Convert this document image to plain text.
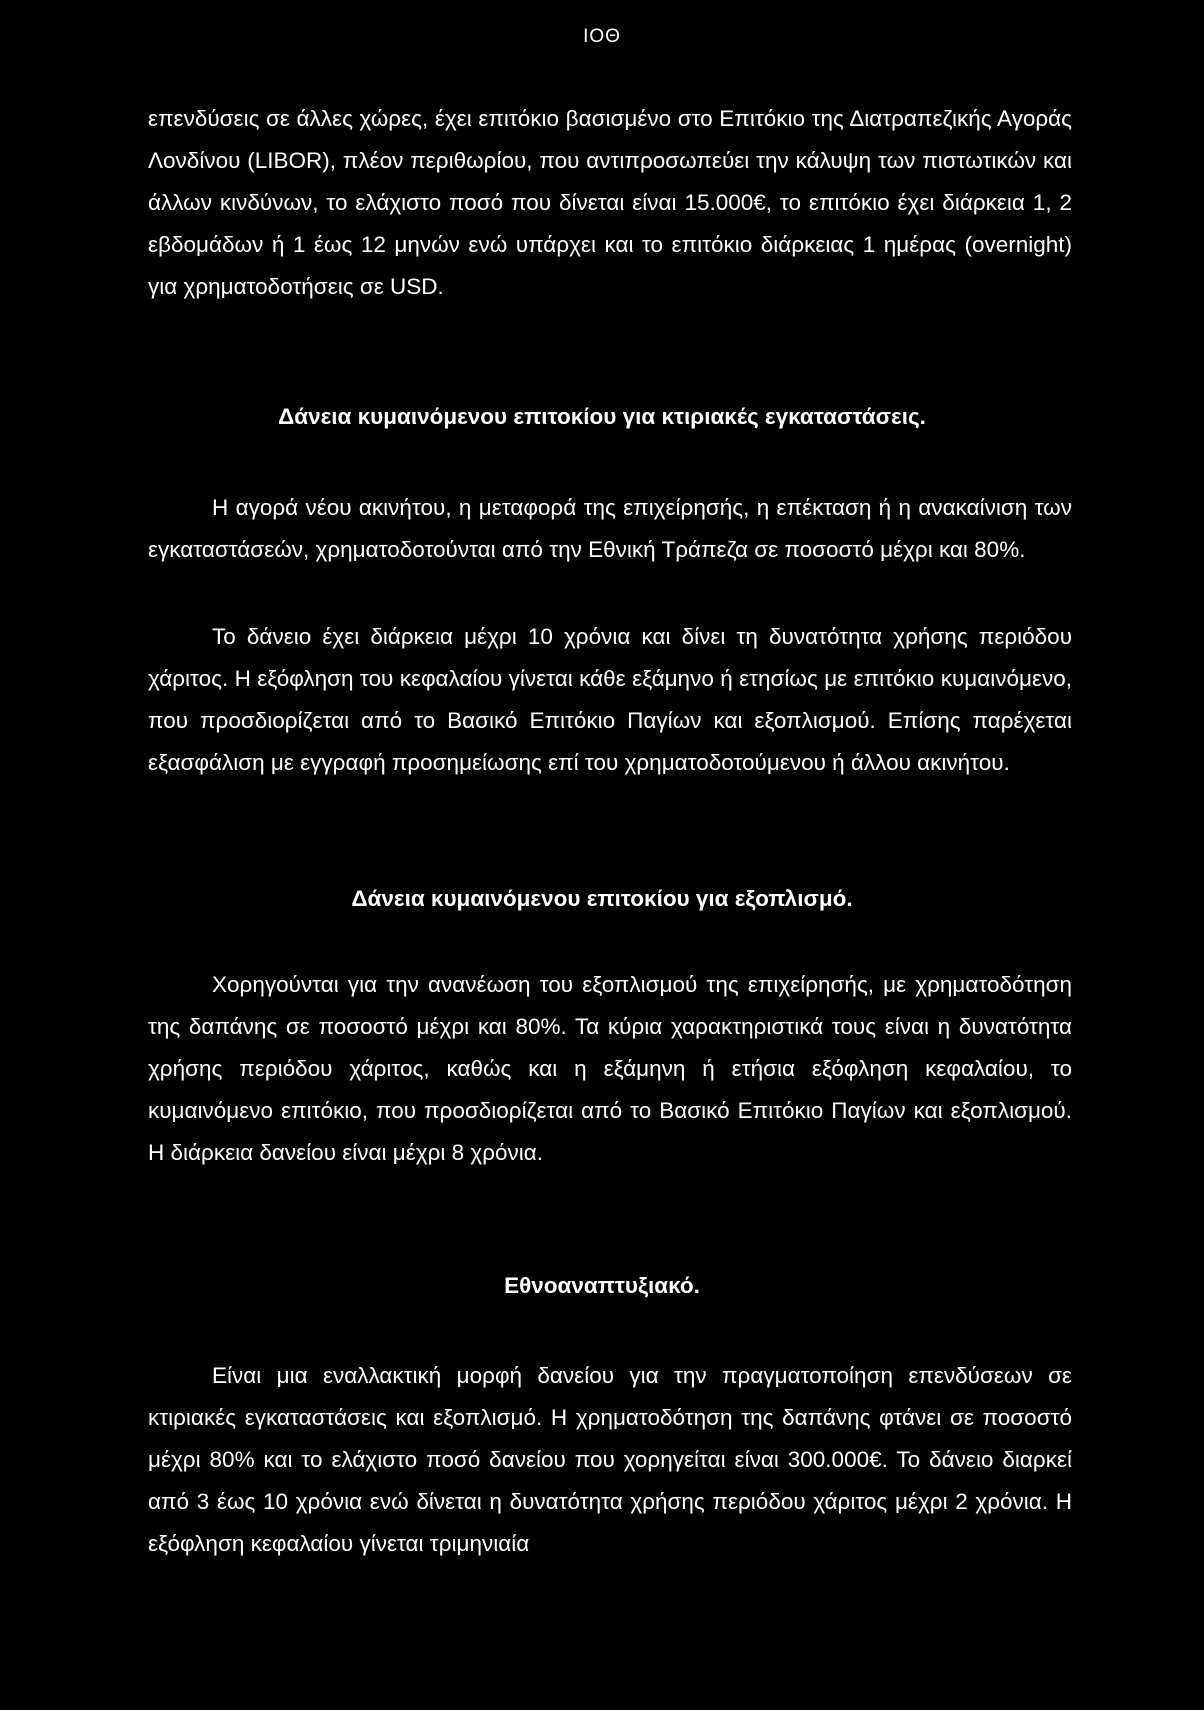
ΙΟΘ
επενδύσεις σε άλλες χώρες, έχει επιτόκιο βασισμένο στο Επιτόκιο της Διατραπεζικής Αγοράς Λονδίνου (LIBOR), πλέον περιθωρίου, που αντιπροσωπεύει την κάλυψη των πιστωτικών και άλλων κινδύνων, το ελάχιστο ποσό που δίνεται είναι 15.000€, το επιτόκιο έχει διάρκεια 1, 2 εβδομάδων ή 1 έως 12 μηνών ενώ υπάρχει και το επιτόκιο διάρκειας 1 ημέρας (overnight) για χρηματοδοτήσεις σε USD.
Δάνεια κυμαινόμενου επιτοκίου για κτιριακές εγκαταστάσεις.
Η αγορά νέου ακινήτου, η μεταφορά της επιχείρησής, η επέκταση ή η ανακαίνιση των εγκαταστάσεών, χρηματοδοτούνται από την Εθνική Τράπεζα σε ποσοστό μέχρι και 80%.
Το δάνειο έχει διάρκεια μέχρι 10 χρόνια και δίνει τη δυνατότητα χρήσης περιόδου χάριτος. Η εξόφληση του κεφαλαίου γίνεται κάθε εξάμηνο ή ετησίως με επιτόκιο κυμαινόμενο, που προσδιορίζεται από το Βασικό Επιτόκιο Παγίων και εξοπλισμού. Επίσης παρέχεται εξασφάλιση με εγγραφή προσημείωσης επί του χρηματοδοτούμενου ή άλλου ακινήτου.
Δάνεια κυμαινόμενου επιτοκίου για εξοπλισμό.
Χορηγούνται για την ανανέωση του εξοπλισμού της επιχείρησής, με χρηματοδότηση της δαπάνης σε ποσοστό μέχρι και 80%. Τα κύρια χαρακτηριστικά τους είναι η δυνατότητα χρήσης περιόδου χάριτος, καθώς και η εξάμηνη ή ετήσια εξόφληση κεφαλαίου, το κυμαινόμενο επιτόκιο, που προσδιορίζεται από το Βασικό Επιτόκιο Παγίων και εξοπλισμού. Η διάρκεια δανείου είναι μέχρι 8 χρόνια.
Εθνοαναπτυξιακό.
Είναι μια εναλλακτική μορφή δανείου για την πραγματοποίηση επενδύσεων σε κτιριακές εγκαταστάσεις και εξοπλισμό. Η χρηματοδότηση της δαπάνης φτάνει σε ποσοστό μέχρι 80% και το ελάχιστο ποσό δανείου που χορηγείται είναι 300.000€. Το δάνειο διαρκεί από 3 έως 10 χρόνια ενώ δίνεται η δυνατότητα χρήσης περιόδου χάριτος μέχρι 2 χρόνια. Η εξόφληση κεφαλαίου γίνεται τριμηνιαία
